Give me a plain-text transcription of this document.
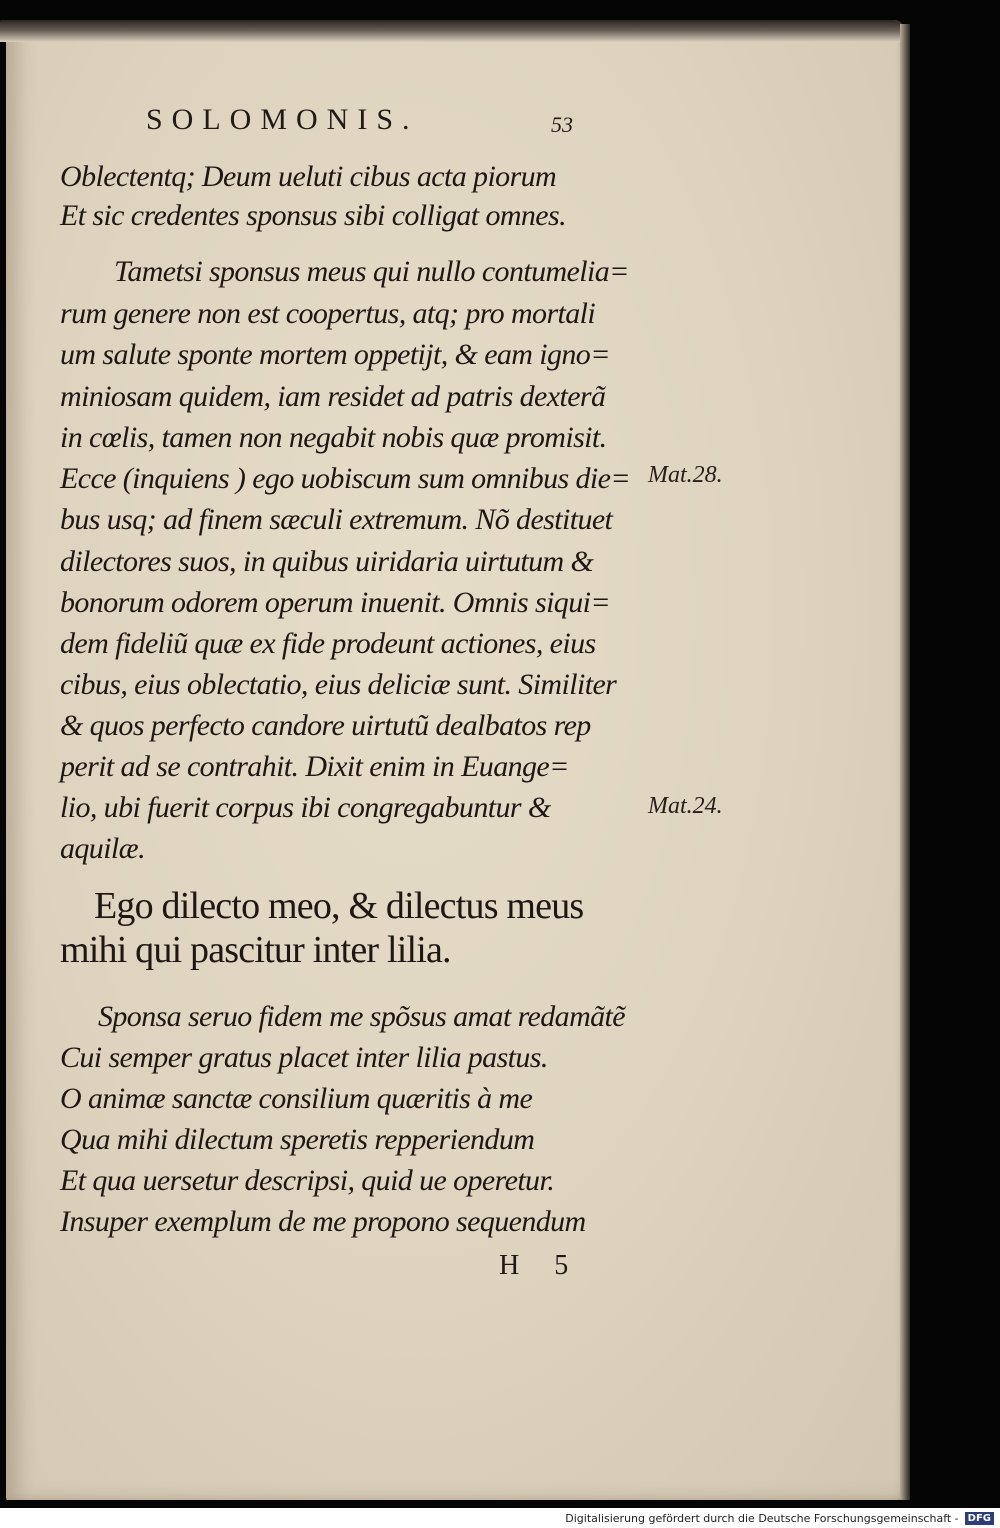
SOLOMONIS.	53
Oblectentq; Deum ueluti cibus acta piorum
Et sic credentes sponsus sibi colligat omnes.
Tametsi sponsus meus qui nullo contumelia=
rum genere non est coopertus, atq; pro mortali
um salute sponte mortem oppetijt, & eam igno=
miniosam quidem, iam residet ad patris dexterã
in cœlis, tamen non negabit nobis quæ promisit.
Ecce (inquiens ) ego uobiscum sum omnibus die=
bus usq; ad finem sæculi extremum. Nõ destituet
dilectores suos, in quibus uiridaria uirtutum &
bonorum odorem operum inuenit. Omnis siqui=
dem fideliũ quæ ex fide prodeunt actiones, eius
cibus, eius oblectatio, eius deliciæ sunt. Similiter
& quos perfecto candore uirtutũ dealbatos rep
perit ad se contrahit. Dixit enim in Euange=
lio, ubi fuerit corpus ibi congregabuntur &
aquilæ.
Mat.28.
Mat.24.
Ego dilecto meo, & dilectus meus
mihi qui pascitur inter lilia.
Sponsa seruo fidem me spõsus amat redamãtẽ
Cui semper gratus placet inter lilia pastus.
O animæ sanctæ consilium quæritis à me
Qua mihi dilectum speretis repperiendum
Et qua uersetur descripsi, quid ue operetur.
Insuper exemplum de me propono sequendum
H 5
Digitalisierung gefördert durch die Deutsche Forschungsgemeinschaft - DFG
